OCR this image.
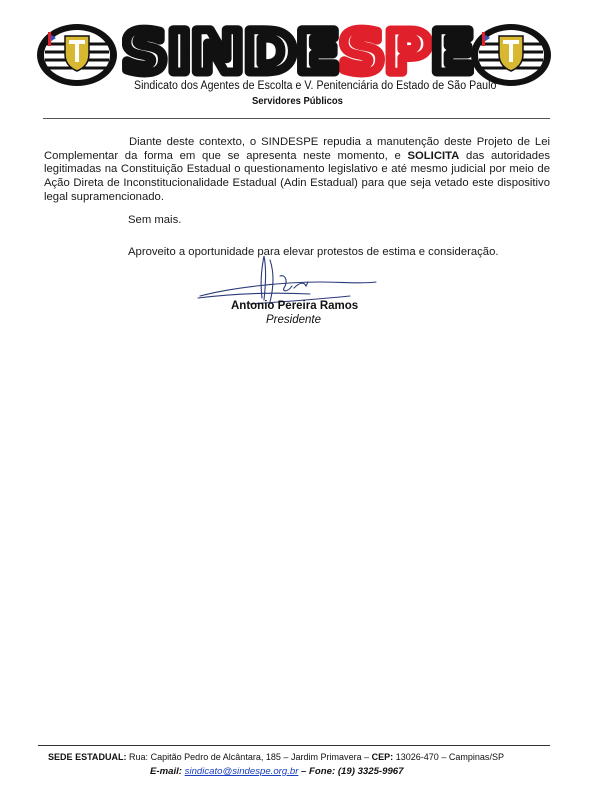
SINDE SP E
Sindicato dos Agentes de Escolta e V. Penitenciária do Estado de São Paulo
Servidores Públicos

Diante deste contexto, o SINDESPE repudia a manutenção deste Projeto de Lei Complementar da forma em que se apresenta neste momento, e SOLICITA das autoridades legitimadas na Constituição Estadual o questionamento legislativo e até mesmo judicial por meio de Ação Direta de Inconstitucionalidade Estadual (Adin Estadual) para que seja vetado este dispositivo legal supramencionado.

Sem mais.
Aproveito a oportunidade para elevar protestos de estima e consideração.
Antonio Pereira Ramos
Presidente
SEDE ESTADUAL: Rua: Capitão Pedro de Alcântara, 185 – Jardim Primavera – CEP: 13026-470 – Campinas/SP
E-mail: sindicato@sindespe.org.br – Fone: (19) 3325-9967
